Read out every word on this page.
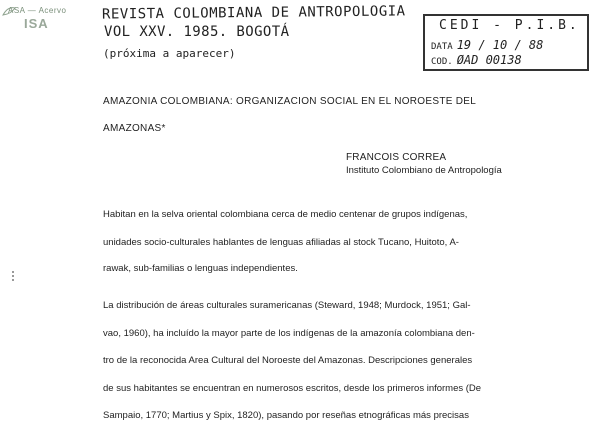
ASA — Acervo
ISA
REVISTA COLOMBIANA DE ANTROPOLOGIA
VOL XXV. 1985. BOGOTÁ
(próxima a aparecer)
CEDI - P.I.B.
DATA 19 / 10 / 88
COD. ØAD 00138
AMAZONIA COLOMBIANA: ORGANIZACION SOCIAL EN EL NOROESTE DEL
AMAZONAS*
FRANCOIS CORREA
Instituto Colombiano de Antropología
Habitan en la selva oriental colombiana cerca de medio centenar de grupos indígenas,
unidades socio-culturales hablantes de lenguas afiliadas al stock Tucano, Huitoto, A-
rawak, sub-familias o lenguas independientes.
La distribución de áreas culturales suramericanas (Steward, 1948; Murdock, 1951; Gal-
vao, 1960), ha incluído la mayor parte de los indígenas de la amazonía colombiana den-
tro de la reconocida Area Cultural del Noroeste del Amazonas. Descripciones generales
de sus habitantes se encuentran en numerosos escritos, desde los primeros informes (De
Sampaio, 1770; Martius y Spix, 1820), pasando por reseñas etnográficas más precisas
